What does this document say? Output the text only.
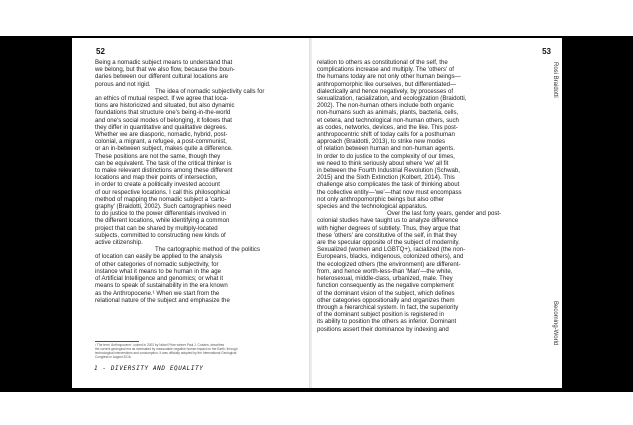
52
Being a nomadic subject means to understand that
we belong, but that we also flow, because the boun-
daries between our different cultural locations are
porous and not rigid.
The idea of nomadic subjectivity calls for
an ethics of mutual respect. If we agree that loca-
tions are historicized and situated, but also dynamic
foundations that structure one's being-in-the-world
and one's social modes of belonging, it follows that
they differ in quantitative and qualitative degrees.
Whether we are diasporic, nomadic, hybrid, post-
colonial, a migrant, a refugee, a post-communist,
or an in-between subject, makes quite a difference.
These positions are not the same, though they
can be equivalent. The task of the critical thinker is
to make relevant distinctions among these different
locations and map their points of intersection,
in order to create a politically invested account
of our respective locations. I call this philosophical
method of mapping the nomadic subject a 'carto-
graphy' (Braidotti, 2002). Such cartographies need
to do justice to the power differentials involved in
the different locations, while identifying a common
project that can be shared by multiply-located
subjects, committed to constructing new kinds of
active citizenship.
The cartographic method of the politics
of location can easily be applied to the analysis
of other categories of nomadic subjectivity, for
instance what it means to be human in the age
of Artificial Intelligence and genomics; or what it
means to speak of sustainability in the era known
as the Anthropocene.¹ When we start from the
relational nature of the subject and emphasize the
¹ The term 'Anthropocene', coined in 2002 by Nobel Prize winner Paul J. Crutzen, describes
the current geological era as dominated by measurable negative human impact on the Earth, through
technological interventions and consumption. It was officially adopted by the International Geological
Congress in August 2016.
1 - DIVERSITY AND EQUALITY
53
relation to others as constitutional of the self, the
complications increase and multiply. The 'others' of
the humans today are not only other human beings—
anthropomorphic like ourselves, but differentiated—
dialectically and hence negatively, by processes of
sexualization, racialization, and ecologization (Braidotti,
2002). The non-human others include both organic
non-humans such as animals, plants, bacteria, cells,
et cetera, and technological non-human others, such
as codes, networks, devices, and the like. This post-
anthropocentric shift of today calls for a posthuman
approach (Braidotti, 2013), to strike new modes
of relation between human and non-human agents.
In order to do justice to the complexity of our times,
we need to think seriously about where 'we' all fit
in between the Fourth Industrial Revolution (Schwab,
2015) and the Sixth Extinction (Kolbert, 2014). This
challenge also complicates the task of thinking about
the collective entity—'we'—that now must encompass
not only anthropomorphic beings but also other
species and the technological apparatus.
Over the last forty years, gender and post-
colonial studies have taught us to analyze difference
with higher degrees of subtlety. Thus, they argue that
these 'others' are constitutive of the self, in that they
are the specular opposite of the subject of modernity.
Sexualized (women and LGBTQ+), racialized (the non-
Europeans, blacks, indigenous, colonized others), and
the ecologized others (the environment) are different-
from, and hence worth-less-than 'Man'—the white,
heterosexual, middle-class, urbanized, male. They
function consequently as the negative complement
of the dominant vision of the subject, which defines
other categories oppositionally and organizes them
through a hierarchical system. In fact, the superiority
of the dominant subject position is registered in
its ability to position the others as inferior. Dominant
positions assert their dominance by indexing and
Rosi Braidotti
Becoming-World
